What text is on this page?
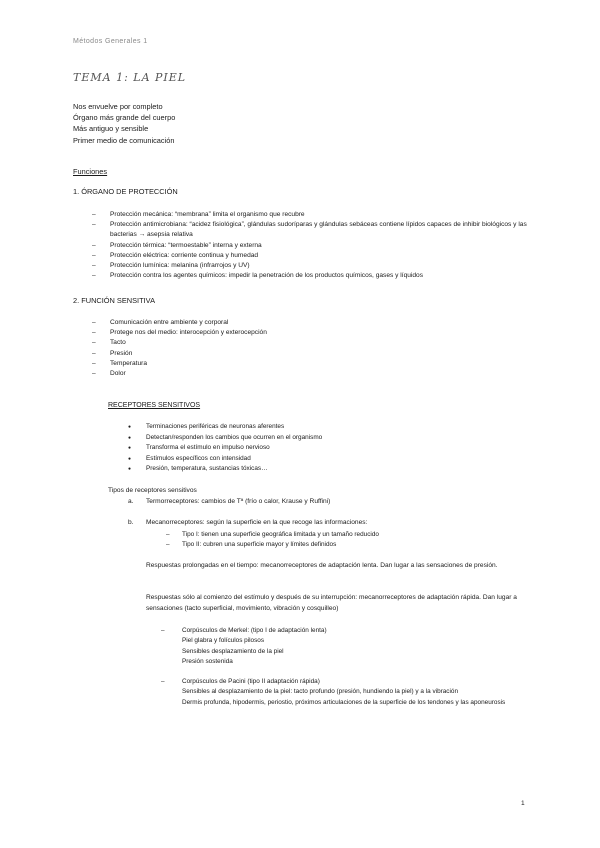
Métodos Generales 1
TEMA 1: LA PIEL
Nos envuelve por completo
Órgano más grande del cuerpo
Más antiguo y sensible
Primer medio de comunicación
Funciones
1. ÓRGANO DE PROTECCIÓN
– Protección mecánica: “membrana” limita el organismo que recubre
– Protección antimicrobiana: “acidez fisiológica”, glándulas sudoríparas y glándulas sebáceas contiene lípidos capaces de inhibir biológicos y las bacterias → asepsia relativa
– Protección térmica: “termoestable” interna y externa
– Protección eléctrica: corriente continua y humedad
– Protección lumínica: melanina (infrarrojos y UV)
– Protección contra los agentes químicos: impedir la penetración de los productos químicos, gases y líquidos
2. FUNCIÓN SENSITIVA
– Comunicación entre ambiente y corporal
– Protege nos del medio: interocepción y exterocepción
– Tacto
– Presión
– Temperatura
– Dolor
RECEPTORES SENSITIVOS
● Terminaciones periféricas de neuronas aferentes
● Detectan/responden los cambios que ocurren en el organismo
● Transforma el estímulo en impulso nervioso
● Estímulos específicos con intensidad
● Presión, temperatura, sustancias tóxicas…
Tipos de receptores sensitivos
a. Termorreceptores: cambios de Tª (frío o calor, Krause y Ruffini)
b. Mecanorreceptores: según la superficie en la que recoge las informaciones:
– Tipo I: tienen una superficie geográfica limitada y un tamaño reducido
– Tipo II: cubren una superficie mayor y límites definidos
Respuestas prolongadas en el tiempo: mecanorreceptores de adaptación lenta. Dan lugar a las sensaciones de presión.
Respuestas sólo al comienzo del estímulo y después de su interrupción: mecanorreceptores de adaptación rápida. Dan lugar a sensaciones (tacto superficial, movimiento, vibración y cosquilleo)
– Corpúsculos de Merkel: (tipo I de adaptación lenta)
Piel glabra y folículos pilosos
Sensibles desplazamiento de la piel
Presión sostenida
– Corpúsculos de Pacini (tipo II adaptación rápida)
Sensibles al desplazamiento de la piel: tacto profundo (presión, hundiendo la piel) y a la vibración
Dermis profunda, hipodermis, periostio, próximos articulaciones de la superficie de los tendones y las aponeurosis
1
